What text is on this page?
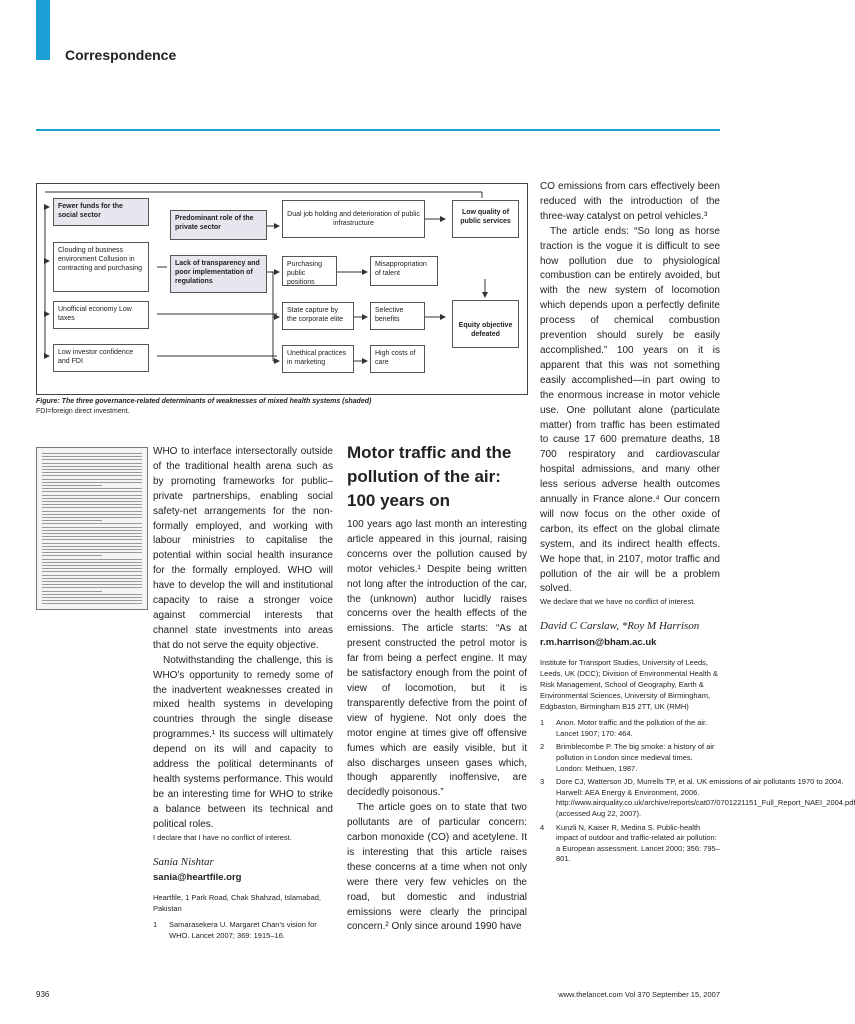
Correspondence
Fewer funds for the social sector	Predominant role of the private sector
Dual job holding and deterioration of public infrastructure
Low quality of public services
Clouding of business environment Collusion in contracting and purchasing
Lack of transparency and poor implementation of regulations
Purchasing public positions
Misappropriation of talent
Unofficial economy Low taxes
State capture by the corporate elite
Selective benefits
Equity objective defeated
Low investor confidence and FDI
Unethical practices in marketing
High costs of care
Figure: The three governance-related determinants of weaknesses of mixed health systems (shaded)
FDI=foreign direct investment.

WHO to interface intersectorally outside of the traditional health arena such as by promoting frameworks for public–private partnerships, enabling social safety-net arrangements for the non-formally employed, and working with labour ministries to capitalise the potential within social health insurance for the formally employed. WHO will have to develop the will and institutional capacity to raise a stronger voice against commercial interests that channel state investments into areas that do not serve the equity objective.

Notwithstanding the challenge, this is WHO's opportunity to remedy some of the inadvertent weaknesses created in mixed health systems in developing countries through the single disease programmes.¹ Its success will ultimately depend on its will and capacity to address the political determinants of health systems performance. This would be an interesting time for WHO to strike a balance between its technical and political roles.

I declare that I have no conflict of interest.

Sania Nishtar
sania@heartfile.org
Heartfile, 1 Park Road, Chak Shahzad, Islamabad, Pakistan
1	Samarasekera U. Margaret Chan's vision for WHO. Lancet 2007; 369: 1915–16.
Motor traffic and the pollution of the air: 100 years on

100 years ago last month an interesting article appeared in this journal, raising concerns over the pollution caused by motor vehicles.¹ Despite being written not long after the introduction of the car, the (unknown) author lucidly raises concerns over the health effects of the emissions. The article starts: “As at present constructed the petrol motor is far from being a perfect engine. It may be satisfactory enough from the point of view of locomotion, but it is transparently defective from the point of view of hygiene. Not only does the motor engine at times give off offensive fumes which are easily visible, but it also discharges unseen gases which, though apparently inoffensive, are decidedly poisonous.”

The article goes on to state that two pollutants are of particular concern: carbon monoxide (CO) and acetylene. It is interesting that this article raises these concerns at a time when not only were there very few vehicles on the road, but domestic and industrial emissions were clearly the principal concern.² Only since around 1990 have

CO emissions from cars effectively been reduced with the introduction of the three-way catalyst on petrol vehicles.³

The article ends: “So long as horse traction is the vogue it is difficult to see how pollution due to physiological combustion can be entirely avoided, but with the new system of locomotion which depends upon a perfectly definite process of chemical combustion prevention should surely be easily accomplished.” 100 years on it is apparent that this was not something easily accomplished—in part owing to the enormous increase in motor vehicle use. One pollutant alone (particulate matter) from traffic has been estimated to cause 17 600 premature deaths, 18 700 respiratory and cardiovascular hospital admissions, and many other less serious adverse health outcomes annually in France alone.⁴ Our concern will now focus on the other oxide of carbon, its effect on the global climate system, and its indirect health effects. We hope that, in 2107, motor traffic and pollution of the air will be a problem solved.

We declare that we have no conflict of interest.

David C Carslaw, *Roy M Harrison
r.m.harrison@bham.ac.uk
Institute for Transport Studies, University of Leeds, Leeds, UK (DCC); Division of Environmental Health & Risk Management, School of Geography, Earth & Environmental Sciences, University of Birmingham, Edgbaston, Birmingham B15 2TT, UK (RMH)
1	Anon. Motor traffic and the pollution of the air. Lancet 1907; 170: 464.
2	Brimblecombe P. The big smoke: a history of air pollution in London since medieval times. London: Methuen, 1987.
3	Dore CJ, Watterson JD, Murrells TP, et al. UK emissions of air pollutants 1970 to 2004. Harwell: AEA Energy & Environment, 2006. http://www.airquality.co.uk/archive/reports/cat07/0701221151_Full_Report_NAEI_2004.pdf (accessed Aug 22, 2007).
4	Kunzli N, Kaiser R, Medina S. Public-health impact of outdoor and traffic-related air pollution: a European assessment. Lancet 2000; 356: 795–801.
936	www.thelancet.com Vol 370 September 15, 2007
